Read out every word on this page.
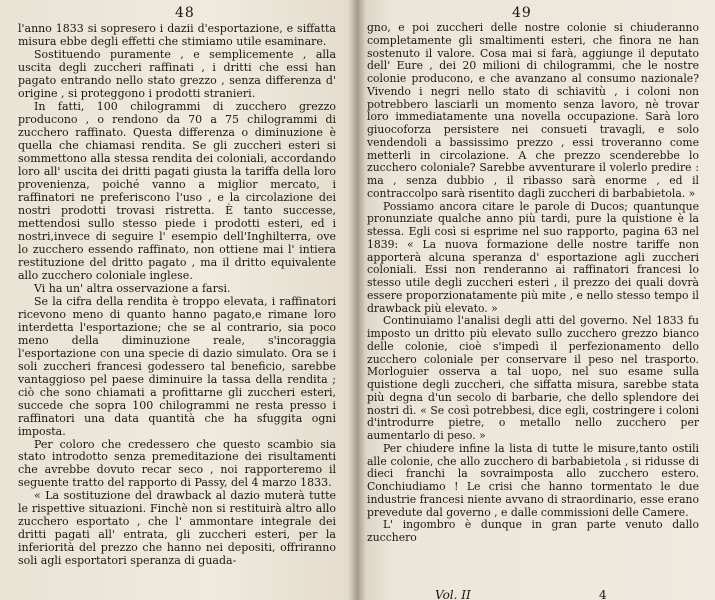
48

l'anno 1833 si sopresero i dazii d'esportazione, e siffatta misura ebbe degli effetti che stimiamo utile esaminare.

Sostituendo puramente , e semplicemente , alla uscita degli zuccheri raffinati , i dritti che essi han pagato entrando nello stato grezzo , senza differenza d' origine , si proteggono i prodotti stranieri.

In fatti, 100 chilogrammi di zucchero grezzo producono , o rendono da 70 a 75 chilogrammi di zucchero raffinato. Questa differenza o diminuzione è quella che chiamasi rendita. Se gli zuccheri esteri si sommettono alla stessa rendita dei coloniali, accordando loro all' uscita dei dritti pagati giusta la tariffa della loro provenienza, poiché vanno a miglior mercato, i raffinatori ne preferiscono l'uso , e la circolazione dei nostri prodotti trovasi ristretta. È tanto successe, mettendosi sullo stesso piede i prodotti esteri, ed i nostri,invece di seguire l' esempio dell'Inghilterra, ove lo zucchero essendo raffinato, non ottiene mai l' intiera restituzione del dritto pagato , ma il dritto equivalente allo zucchero coloniale inglese.

Vi ha un' altra osservazione a farsi.

Se la cifra della rendita è troppo elevata, i raffinatori ricevono meno di quanto hanno pagato,e rimane loro interdetta l'esportazione; che se al contrario, sia poco meno della diminuzione reale, s'incoraggia l'esportazione con una specie di dazio simulato. Ora se i soli zuccheri francesi godessero tal beneficio, sarebbe vantaggioso pel paese diminuire la tassa della rendita ; ciò che sono chiamati a profittarne gli zuccheri esteri, succede che sopra 100 chilogrammi ne resta presso i raffinatori una data quantità che ha sfuggita ogni imposta.

Per coloro che credessero che questo scambio sia stato introdotto senza premeditazione dei risultamenti che avrebbe dovuto recar seco , noi rapporteremo il seguente tratto del rapporto di Passy, del 4 marzo 1833.

« La sostituzione del drawback al dazio muterà tutte le rispettive situazioni. Finchè non si restituirà altro allo zucchero esportato , che l' ammontare integrale dei dritti pagati all' entrata, gli zuccheri esteri, per la inferiorità del prezzo che hanno nei depositi, offriranno soli agli esportatori speranza di guada-

49

gno, e poi zuccheri delle nostre colonie si chiuderanno completamente gli smaltimenti esteri, che finora ne han sostenuto il valore. Cosa mai si farà, aggiunge il deputato dell' Eure , dei 20 milioni di chilogrammi, che le nostre colonie producono, e che avanzano al consumo nazionale? Vivendo i negri nello stato di schiavitù , i coloni non potrebbero lasciarli un momento senza lavoro, nè trovar loro immediatamente una novella occupazione. Sarà loro giuocoforza persistere nei consueti travagli, e solo vendendoli a bassissimo prezzo , essi troveranno come metterli in circolazione. A che prezzo scenderebbe lo zucchero coloniale? Sarebbe avventurare il volerlo predire : ma , senza dubbio , il ribasso sarà enorme , ed il contraccolpo sarà risentito dagli zuccheri di barbabietola. »

Possiamo ancora citare le parole di Ducos; quantunque pronunziate qualche anno più tardi, pure la quistione è la stessa. Egli così si esprime nel suo rapporto, pagina 63 nel 1839: « La nuova formazione delle nostre tariffe non apporterà alcuna speranza d' esportazione agli zuccheri coloniali. Essi non renderanno ai raffinatori francesi lo stesso utile degli zuccheri esteri , il prezzo dei quali dovrà essere proporzionatamente più mite , e nello stesso tempo il drawback più elevato. »

Continuiamo l'analisi degli atti del governo. Nel 1833 fu imposto un dritto più elevato sullo zucchero grezzo bianco delle colonie, cioè s'impedì il perfezionamento dello zucchero coloniale per conservare il peso nel trasporto. Morloguier osserva a tal uopo, nel suo esame sulla quistione degli zuccheri, che siffatta misura, sarebbe stata più degna d'un secolo di barbarie, che dello splendore dei nostri dì. « Se così potrebbesi, dice egli, costringere i coloni d'introdurre pietre, o metallo nello zucchero per aumentarlo di peso. »

Per chiudere infine la lista di tutte le misure,tanto ostili alle colonie, che allo zucchero di barbabietola , si ridusse di dieci franchi la sovraimposta allo zucchero estero. Conchiudiamo ! Le crisi che hanno tormentato le due industrie francesi niente avvano di straordinario, esse erano prevedute dal governo , e dalle commissioni delle Camere.

L' ingombro è dunque in gran parte venuto dallo zucchero

Vol. II	4
